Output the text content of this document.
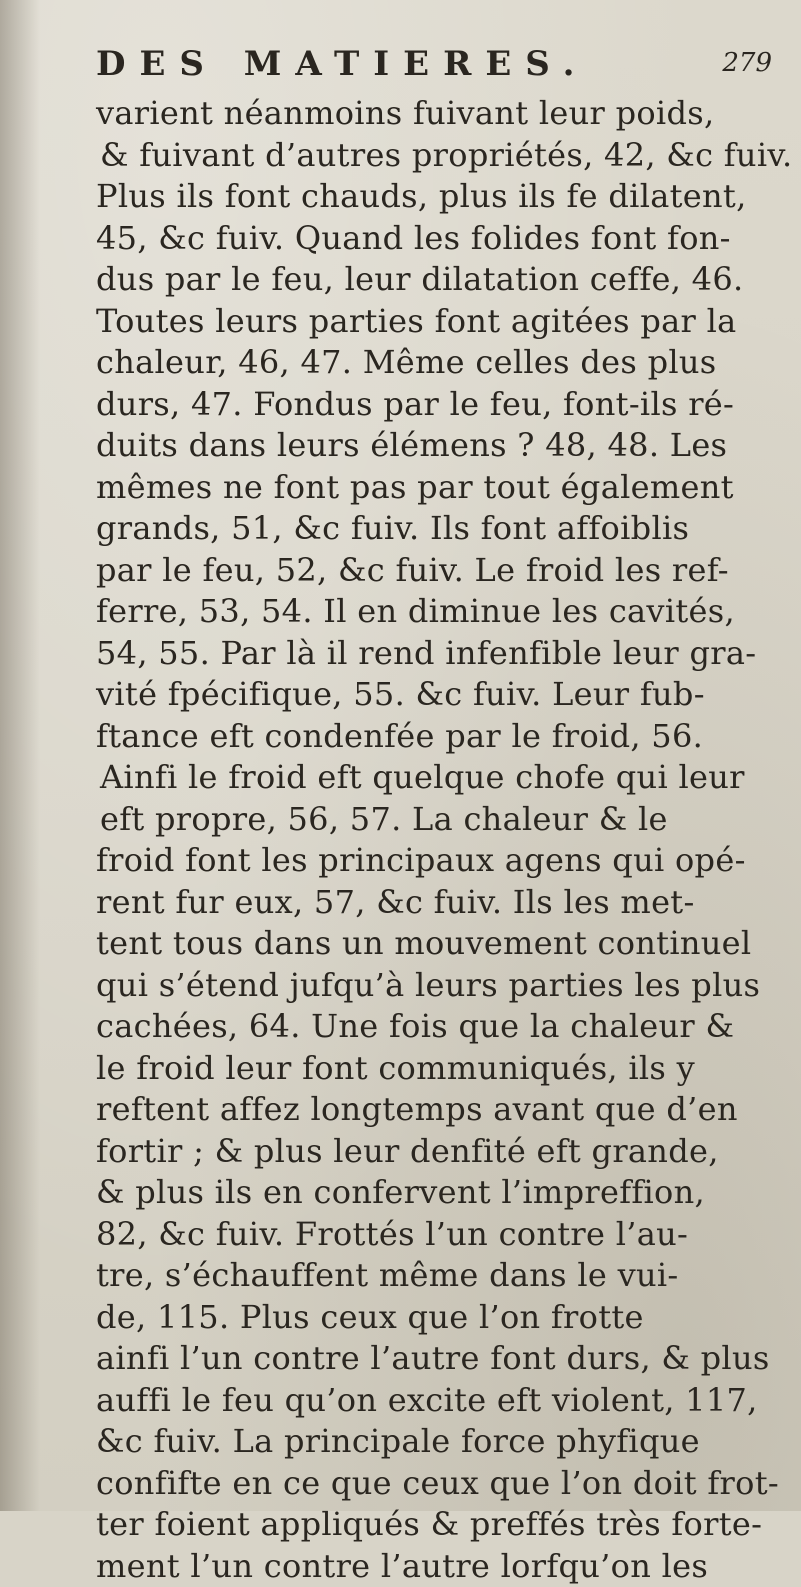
DES MATIERES.	279
varient néanmoins fuivant leur poids,
& fuivant d’autres propriétés, 42, &c fuiv.
Plus ils font chauds, plus ils fe dilatent,
45, &c fuiv. Quand les folides font fon-
dus par le feu, leur dilatation ceffe, 46.
Toutes leurs parties font agitées par la
chaleur, 46, 47. Même celles des plus
durs, 47. Fondus par le feu, font-ils ré-
duits dans leurs élémens ? 48, 48. Les
mêmes ne font pas par tout également
grands, 51, &c fuiv. Ils font affoiblis
par le feu, 52, &c fuiv. Le froid les ref-
ferre, 53, 54. Il en diminue les cavités,
54, 55. Par là il rend infenfible leur gra-
vité fpécifique, 55. &c fuiv. Leur fub-
ftance eft condenfée par le froid, 56.
Ainfi le froid eft quelque chofe qui leur
eft propre, 56, 57. La chaleur & le
froid font les principaux agens qui opé-
rent fur eux, 57, &c fuiv. Ils les met-
tent tous dans un mouvement continuel
qui s’étend jufqu’à leurs parties les plus
cachées, 64. Une fois que la chaleur &
le froid leur font communiqués, ils y
reftent affez longtemps avant que d’en
fortir ; & plus leur denfité eft grande,
& plus ils en confervent l’impreffion,
82, &c fuiv. Frottés l’un contre l’au-
tre, s’échauffent même dans le vui-
de, 115. Plus ceux que l’on frotte
ainfi l’un contre l’autre font durs, & plus
auffi le feu qu’on excite eft violent, 117,
&c fuiv. La principale force phyfique
confifte en ce que ceux que l’on doit frot-
ter foient appliqués & preffés très forte-
ment l’un contre l’autre lorfqu’on les
